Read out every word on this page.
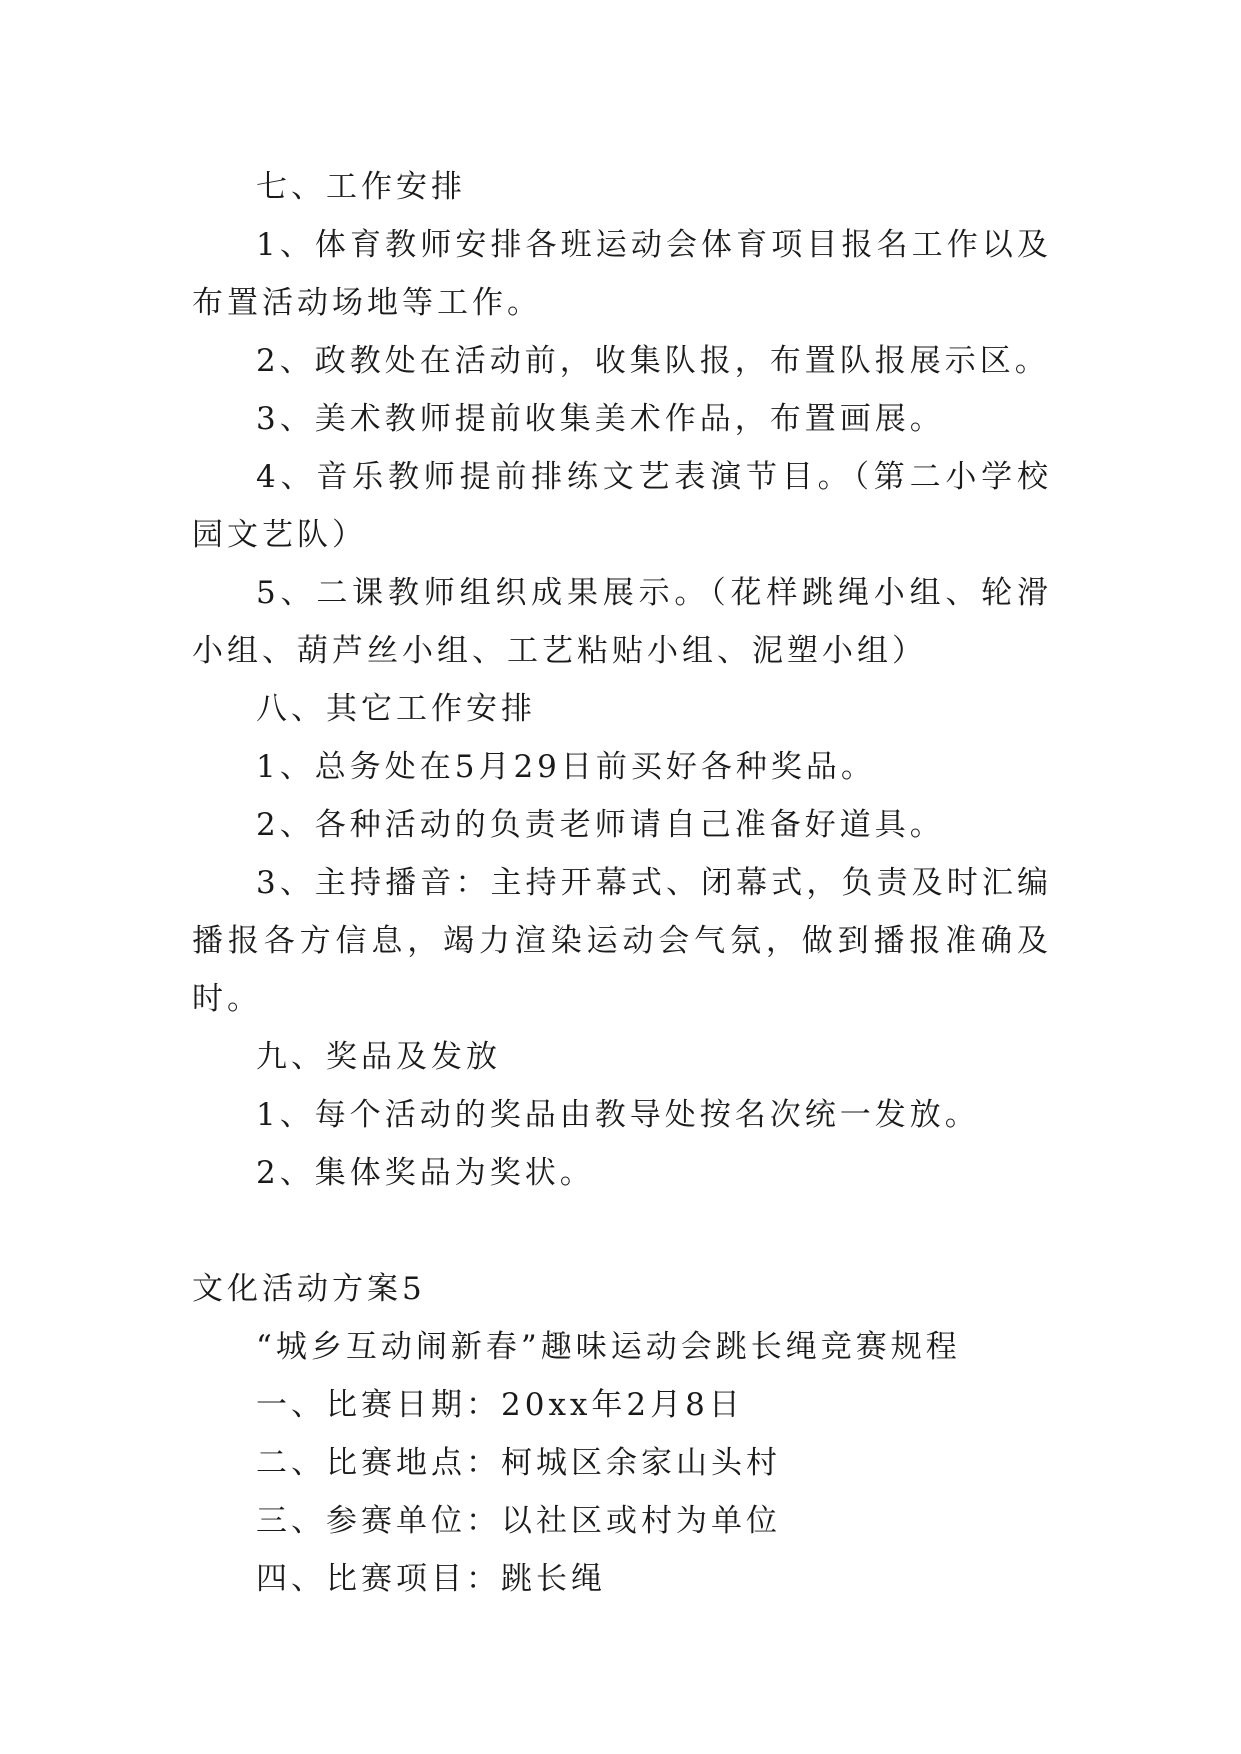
七、工作安排

1、体育教师安排各班运动会体育项目报名工作以及布置活动场地等工作。

2、政教处在活动前，收集队报，布置队报展示区。

3、美术教师提前收集美术作品，布置画展。

4、音乐教师提前排练文艺表演节目。（第二小学校园文艺队）

5、二课教师组织成果展示。（花样跳绳小组、轮滑小组、葫芦丝小组、工艺粘贴小组、泥塑小组）

八、其它工作安排

1、总务处在5月29日前买好各种奖品。

2、各种活动的负责老师请自己准备好道具。

3、主持播音：主持开幕式、闭幕式，负责及时汇编播报各方信息，竭力渲染运动会气氛，做到播报准确及时。

九、奖品及发放

1、每个活动的奖品由教导处按名次统一发放。

2、集体奖品为奖状。

文化活动方案5

“城乡互动闹新春”趣味运动会跳长绳竞赛规程

一、比赛日期：20xx年2月8日

二、比赛地点：柯城区余家山头村

三、参赛单位：以社区或村为单位

四、比赛项目：跳长绳
